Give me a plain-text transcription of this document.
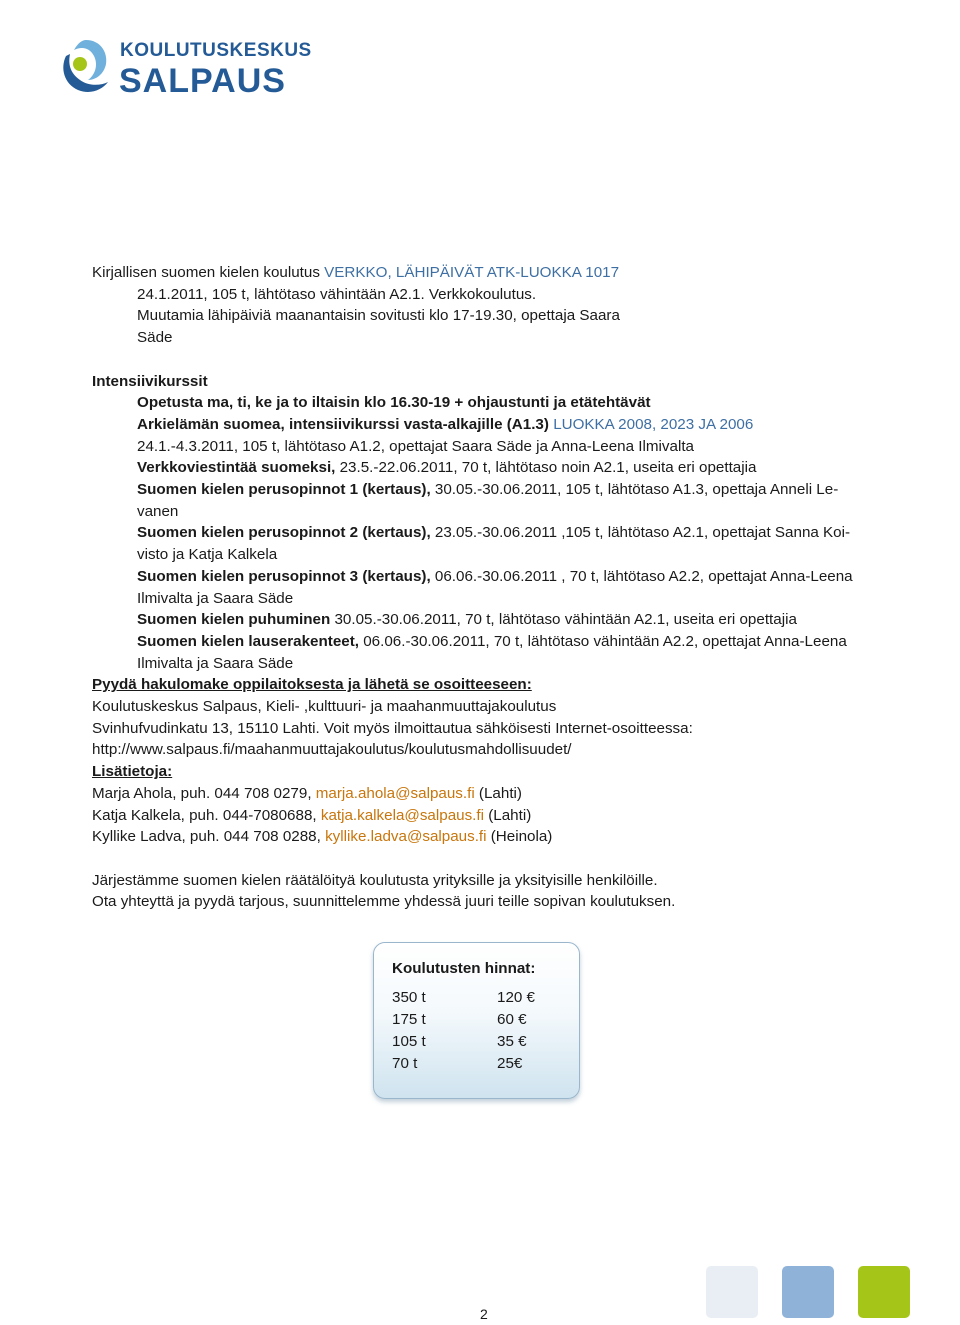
KOULUTUSKESKUS
SALPAUS

Kirjallisen suomen kielen koulutus VERKKO, LÄHIPÄIVÄT ATK-LUOKKA 1017

24.1.2011, 105 t, lähtötaso vähintään A2.1. Verkkokoulutus.

Muutamia lähipäiviä maanantaisin sovitusti klo 17-19.30, opettaja Saara

Säde

Intensiivikurssit

Opetusta ma, ti, ke ja to iltaisin klo 16.30-19 + ohjaustunti ja etätehtävät

Arkielämän suomea, intensiivikurssi vasta-alkajille (A1.3) LUOKKA 2008, 2023 JA 2006

24.1.-4.3.2011, 105 t, lähtötaso A1.2, opettajat Saara Säde ja Anna-Leena Ilmivalta

Verkkoviestintää suomeksi, 23.5.-22.06.2011, 70 t, lähtötaso noin A2.1, useita eri opettajia

Suomen kielen perusopinnot 1 (kertaus), 30.05.-30.06.2011, 105 t, lähtötaso A1.3, opettaja Anneli Le-

vanen

Suomen kielen perusopinnot 2 (kertaus), 23.05.-30.06.2011 ,105 t, lähtötaso A2.1, opettajat Sanna Koi-

visto ja Katja Kalkela

Suomen kielen perusopinnot 3 (kertaus), 06.06.-30.06.2011 , 70 t, lähtötaso A2.2, opettajat Anna-Leena

Ilmivalta ja Saara Säde

Suomen kielen puhuminen 30.05.-30.06.2011, 70 t, lähtötaso vähintään A2.1, useita eri opettajia

Suomen kielen lauserakenteet, 06.06.-30.06.2011, 70 t, lähtötaso vähintään A2.2, opettajat Anna-Leena

Ilmivalta ja Saara Säde

Pyydä hakulomake oppilaitoksesta ja lähetä se osoitteeseen:

Koulutuskeskus Salpaus, Kieli- ,kulttuuri- ja maahanmuuttajakoulutus

Svinhufvudinkatu 13, 15110 Lahti. Voit myös ilmoittautua sähköisesti Internet-osoitteessa:

http://www.salpaus.fi/maahanmuuttajakoulutus/koulutusmahdollisuudet/

Lisätietoja:

Marja Ahola, puh. 044 708 0279, marja.ahola@salpaus.fi (Lahti)

Katja Kalkela, puh. 044-7080688, katja.kalkela@salpaus.fi (Lahti)

Kyllike Ladva, puh. 044 708 0288, kyllike.ladva@salpaus.fi (Heinola)

Järjestämme suomen kielen räätälöityä koulutusta yrityksille ja yksityisille henkilöille.

Ota yhteyttä ja pyydä tarjous, suunnittelemme yhdessä juuri teille sopivan koulutuksen.

Koulutusten hinnat:
350 t	120 €
175 t	60 €
105 t	35 €
70 t	25€
2
